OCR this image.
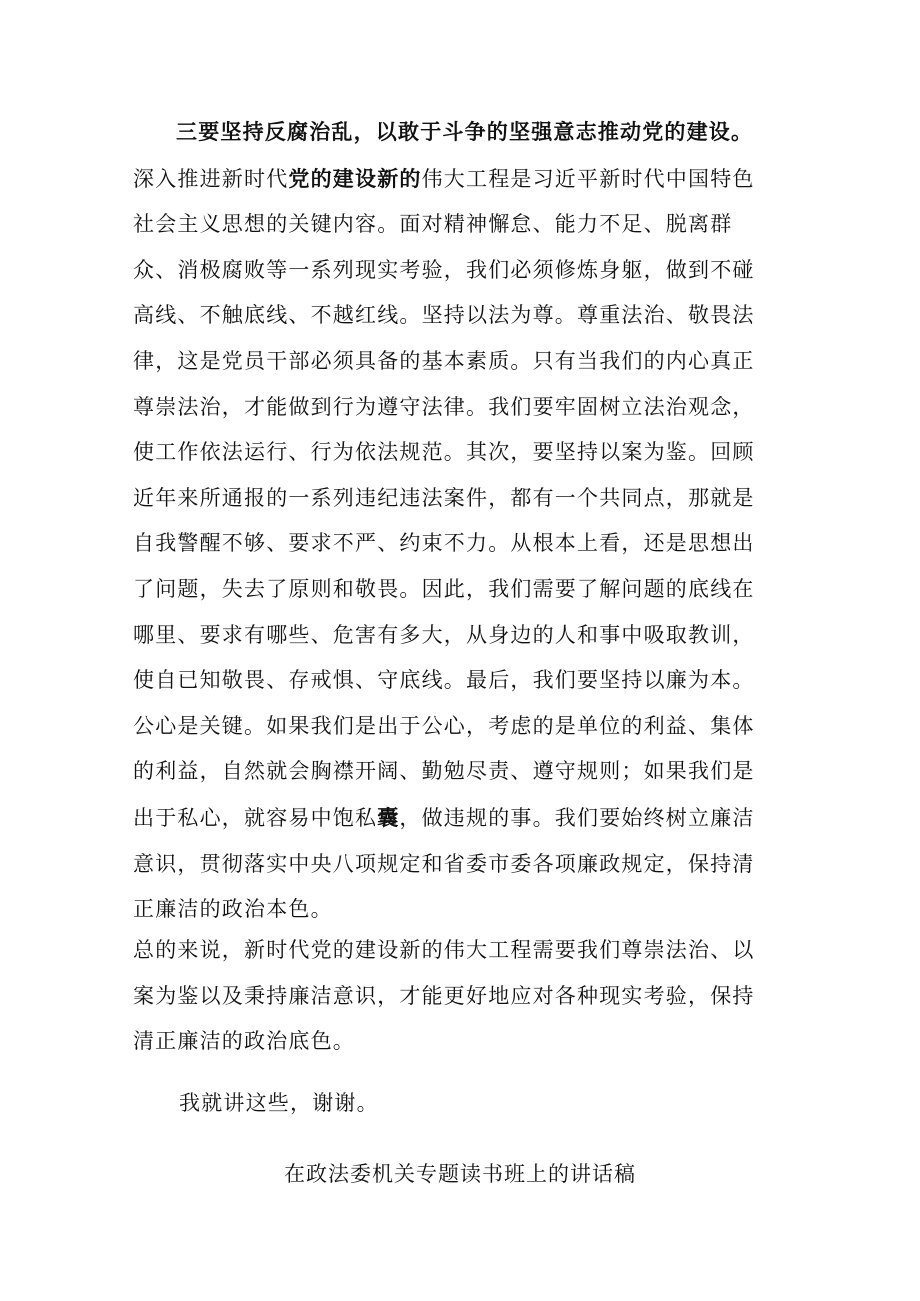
三要坚持反腐治乱，以敢于斗争的坚强意志推动党的建设。深入推进新时代党的建设新的伟大工程是习近平新时代中国特色社会主义思想的关键内容。面对精神懈怠、能力不足、脱离群众、消极腐败等一系列现实考验，我们必须修炼身躯，做到不碰高线、不触底线、不越红线。坚持以法为尊。尊重法治、敬畏法律，这是党员干部必须具备的基本素质。只有当我们的内心真正尊崇法治，才能做到行为遵守法律。我们要牢固树立法治观念，使工作依法运行、行为依法规范。其次，要坚持以案为鉴。回顾近年来所通报的一系列违纪违法案件，都有一个共同点，那就是自我警醒不够、要求不严、约束不力。从根本上看，还是思想出了问题，失去了原则和敬畏。因此，我们需要了解问题的底线在哪里、要求有哪些、危害有多大，从身边的人和事中吸取教训，使自已知敬畏、存戒惧、守底线。最后，我们要坚持以廉为本。公心是关键。如果我们是出于公心，考虑的是单位的利益、集体的利益，自然就会胸襟开阔、勤勉尽责、遵守规则；如果我们是出于私心，就容易中饱私囊，做违规的事。我们要始终树立廉洁意识，贯彻落实中央八项规定和省委市委各项廉政规定，保持清正廉洁的政治本色。

总的来说，新时代党的建设新的伟大工程需要我们尊崇法治、以案为鉴以及秉持廉洁意识，才能更好地应对各种现实考验，保持清正廉洁的政治底色。

我就讲这些，谢谢。

在政法委机关专题读书班上的讲话稿
